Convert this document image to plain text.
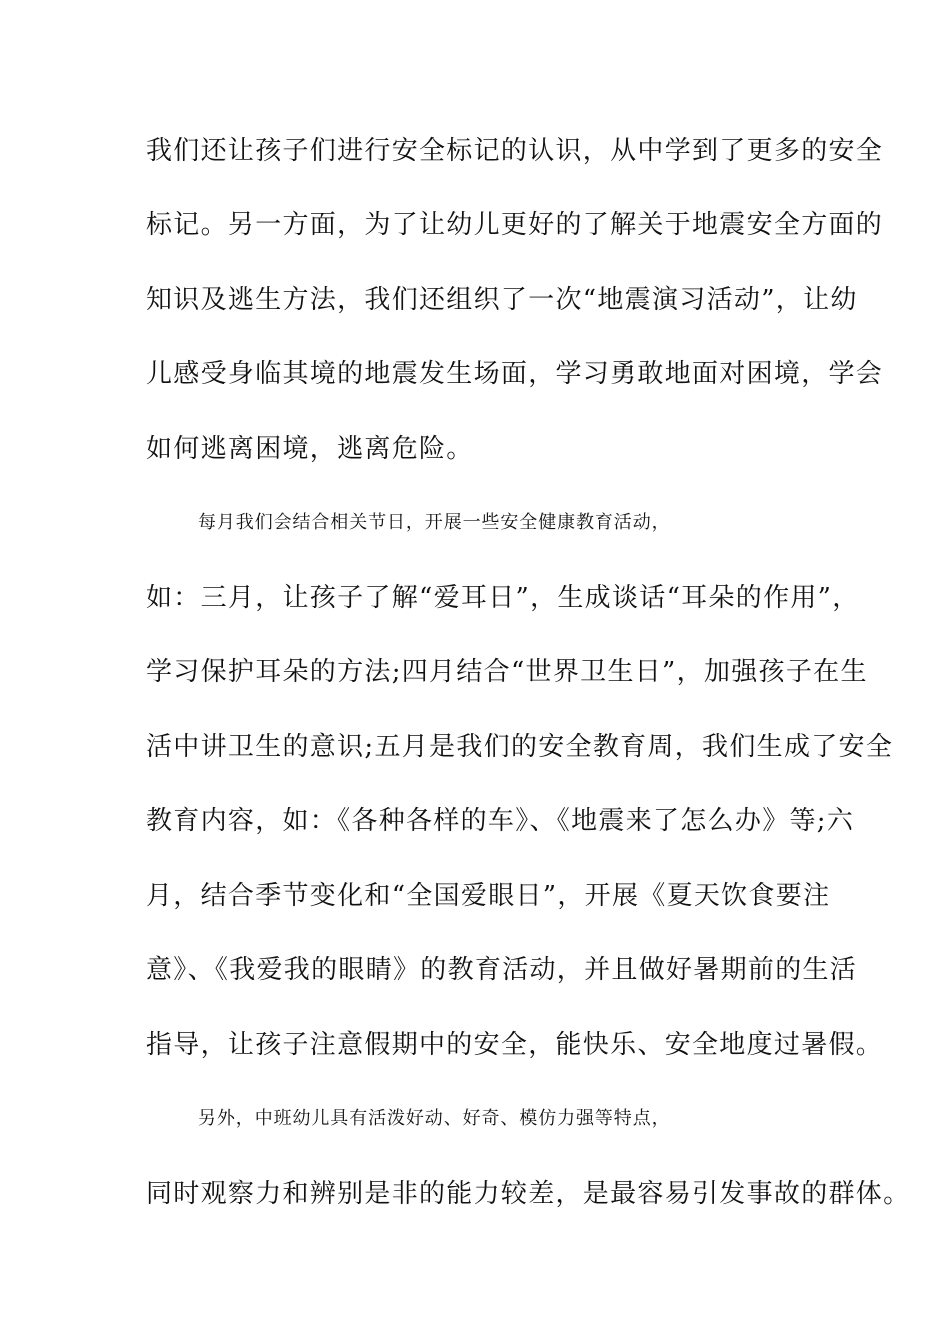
我们还让孩子们进行安全标记的认识，从中学到了更多的安全
标记。另一方面，为了让幼儿更好的了解关于地震安全方面的
知识及逃生方法，我们还组织了一次“地震演习活动”，让幼
儿感受身临其境的地震发生场面，学习勇敢地面对困境，学会
如何逃离困境，逃离危险。
每月我们会结合相关节日，开展一些安全健康教育活动，
如：三月，让孩子了解“爱耳日”，生成谈话“耳朵的作用”，
学习保护耳朵的方法;四月结合“世界卫生日”，加强孩子在生
活中讲卫生的意识;五月是我们的安全教育周，我们生成了安全
教育内容，如：《各种各样的车》、《地震来了怎么办》等;六
月，结合季节变化和“全国爱眼日”，开展《夏天饮食要注
意》、《我爱我的眼睛》的教育活动，并且做好暑期前的生活
指导，让孩子注意假期中的安全，能快乐、安全地度过暑假。
另外，中班幼儿具有活泼好动、好奇、模仿力强等特点，
同时观察力和辨别是非的能力较差，是最容易引发事故的群体。
